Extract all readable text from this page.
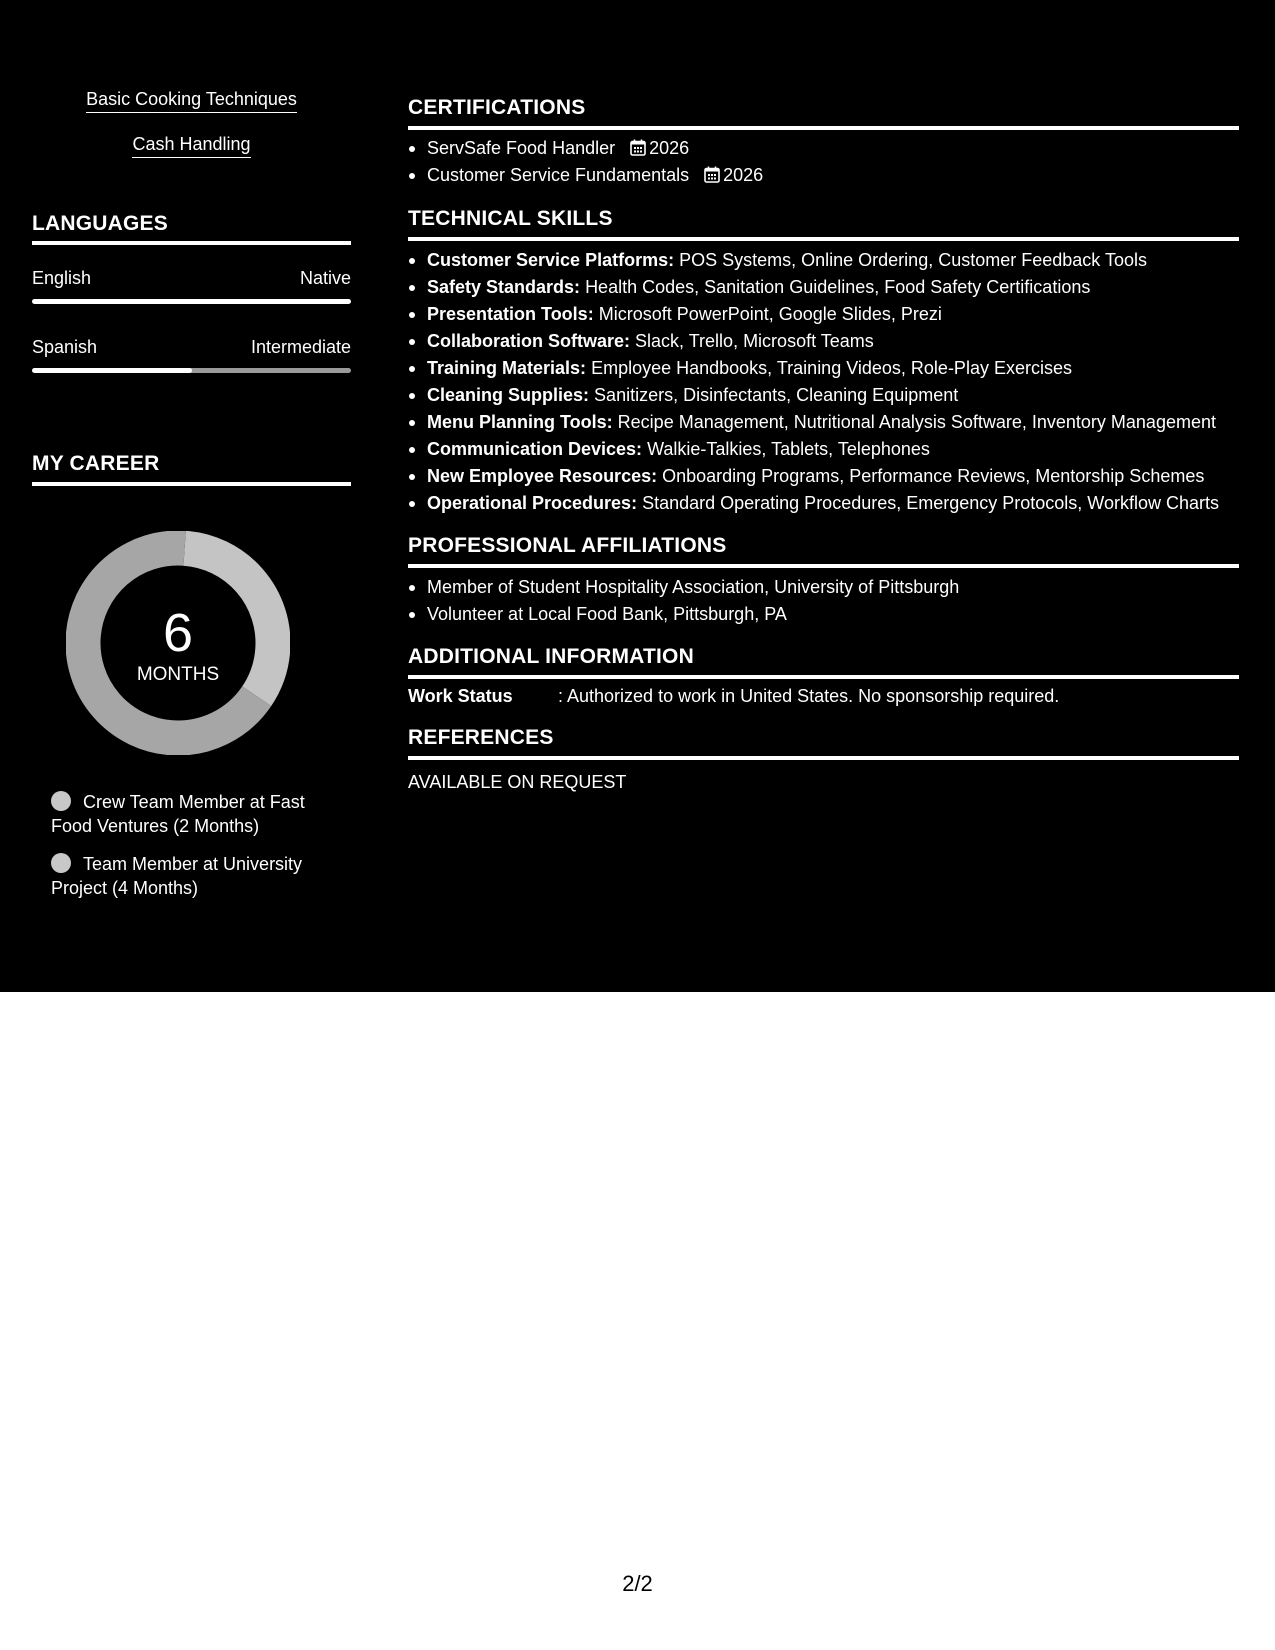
Basic Cooking Techniques
Cash Handling
LANGUAGES
English	Native
Spanish	Intermediate
MY CAREER
6
MONTHS
Crew Team Member at Fast Food Ventures (2 Months)
Team Member at University Project (4 Months)
CERTIFICATIONS
ServSafe Food Handler 2026
Customer Service Fundamentals 2026
TECHNICAL SKILLS
Customer Service Platforms: POS Systems, Online Ordering, Customer Feedback Tools
Safety Standards: Health Codes, Sanitation Guidelines, Food Safety Certifications
Presentation Tools: Microsoft PowerPoint, Google Slides, Prezi
Collaboration Software: Slack, Trello, Microsoft Teams
Training Materials: Employee Handbooks, Training Videos, Role-Play Exercises
Cleaning Supplies: Sanitizers, Disinfectants, Cleaning Equipment
Menu Planning Tools: Recipe Management, Nutritional Analysis Software, Inventory Management
Communication Devices: Walkie-Talkies, Tablets, Telephones
New Employee Resources: Onboarding Programs, Performance Reviews, Mentorship Schemes
Operational Procedures: Standard Operating Procedures, Emergency Protocols, Workflow Charts
PROFESSIONAL AFFILIATIONS
Member of Student Hospitality Association, University of Pittsburgh
Volunteer at Local Food Bank, Pittsburgh, PA
ADDITIONAL INFORMATION
Work Status	: Authorized to work in United States. No sponsorship required.
REFERENCES
AVAILABLE ON REQUEST
2/2
